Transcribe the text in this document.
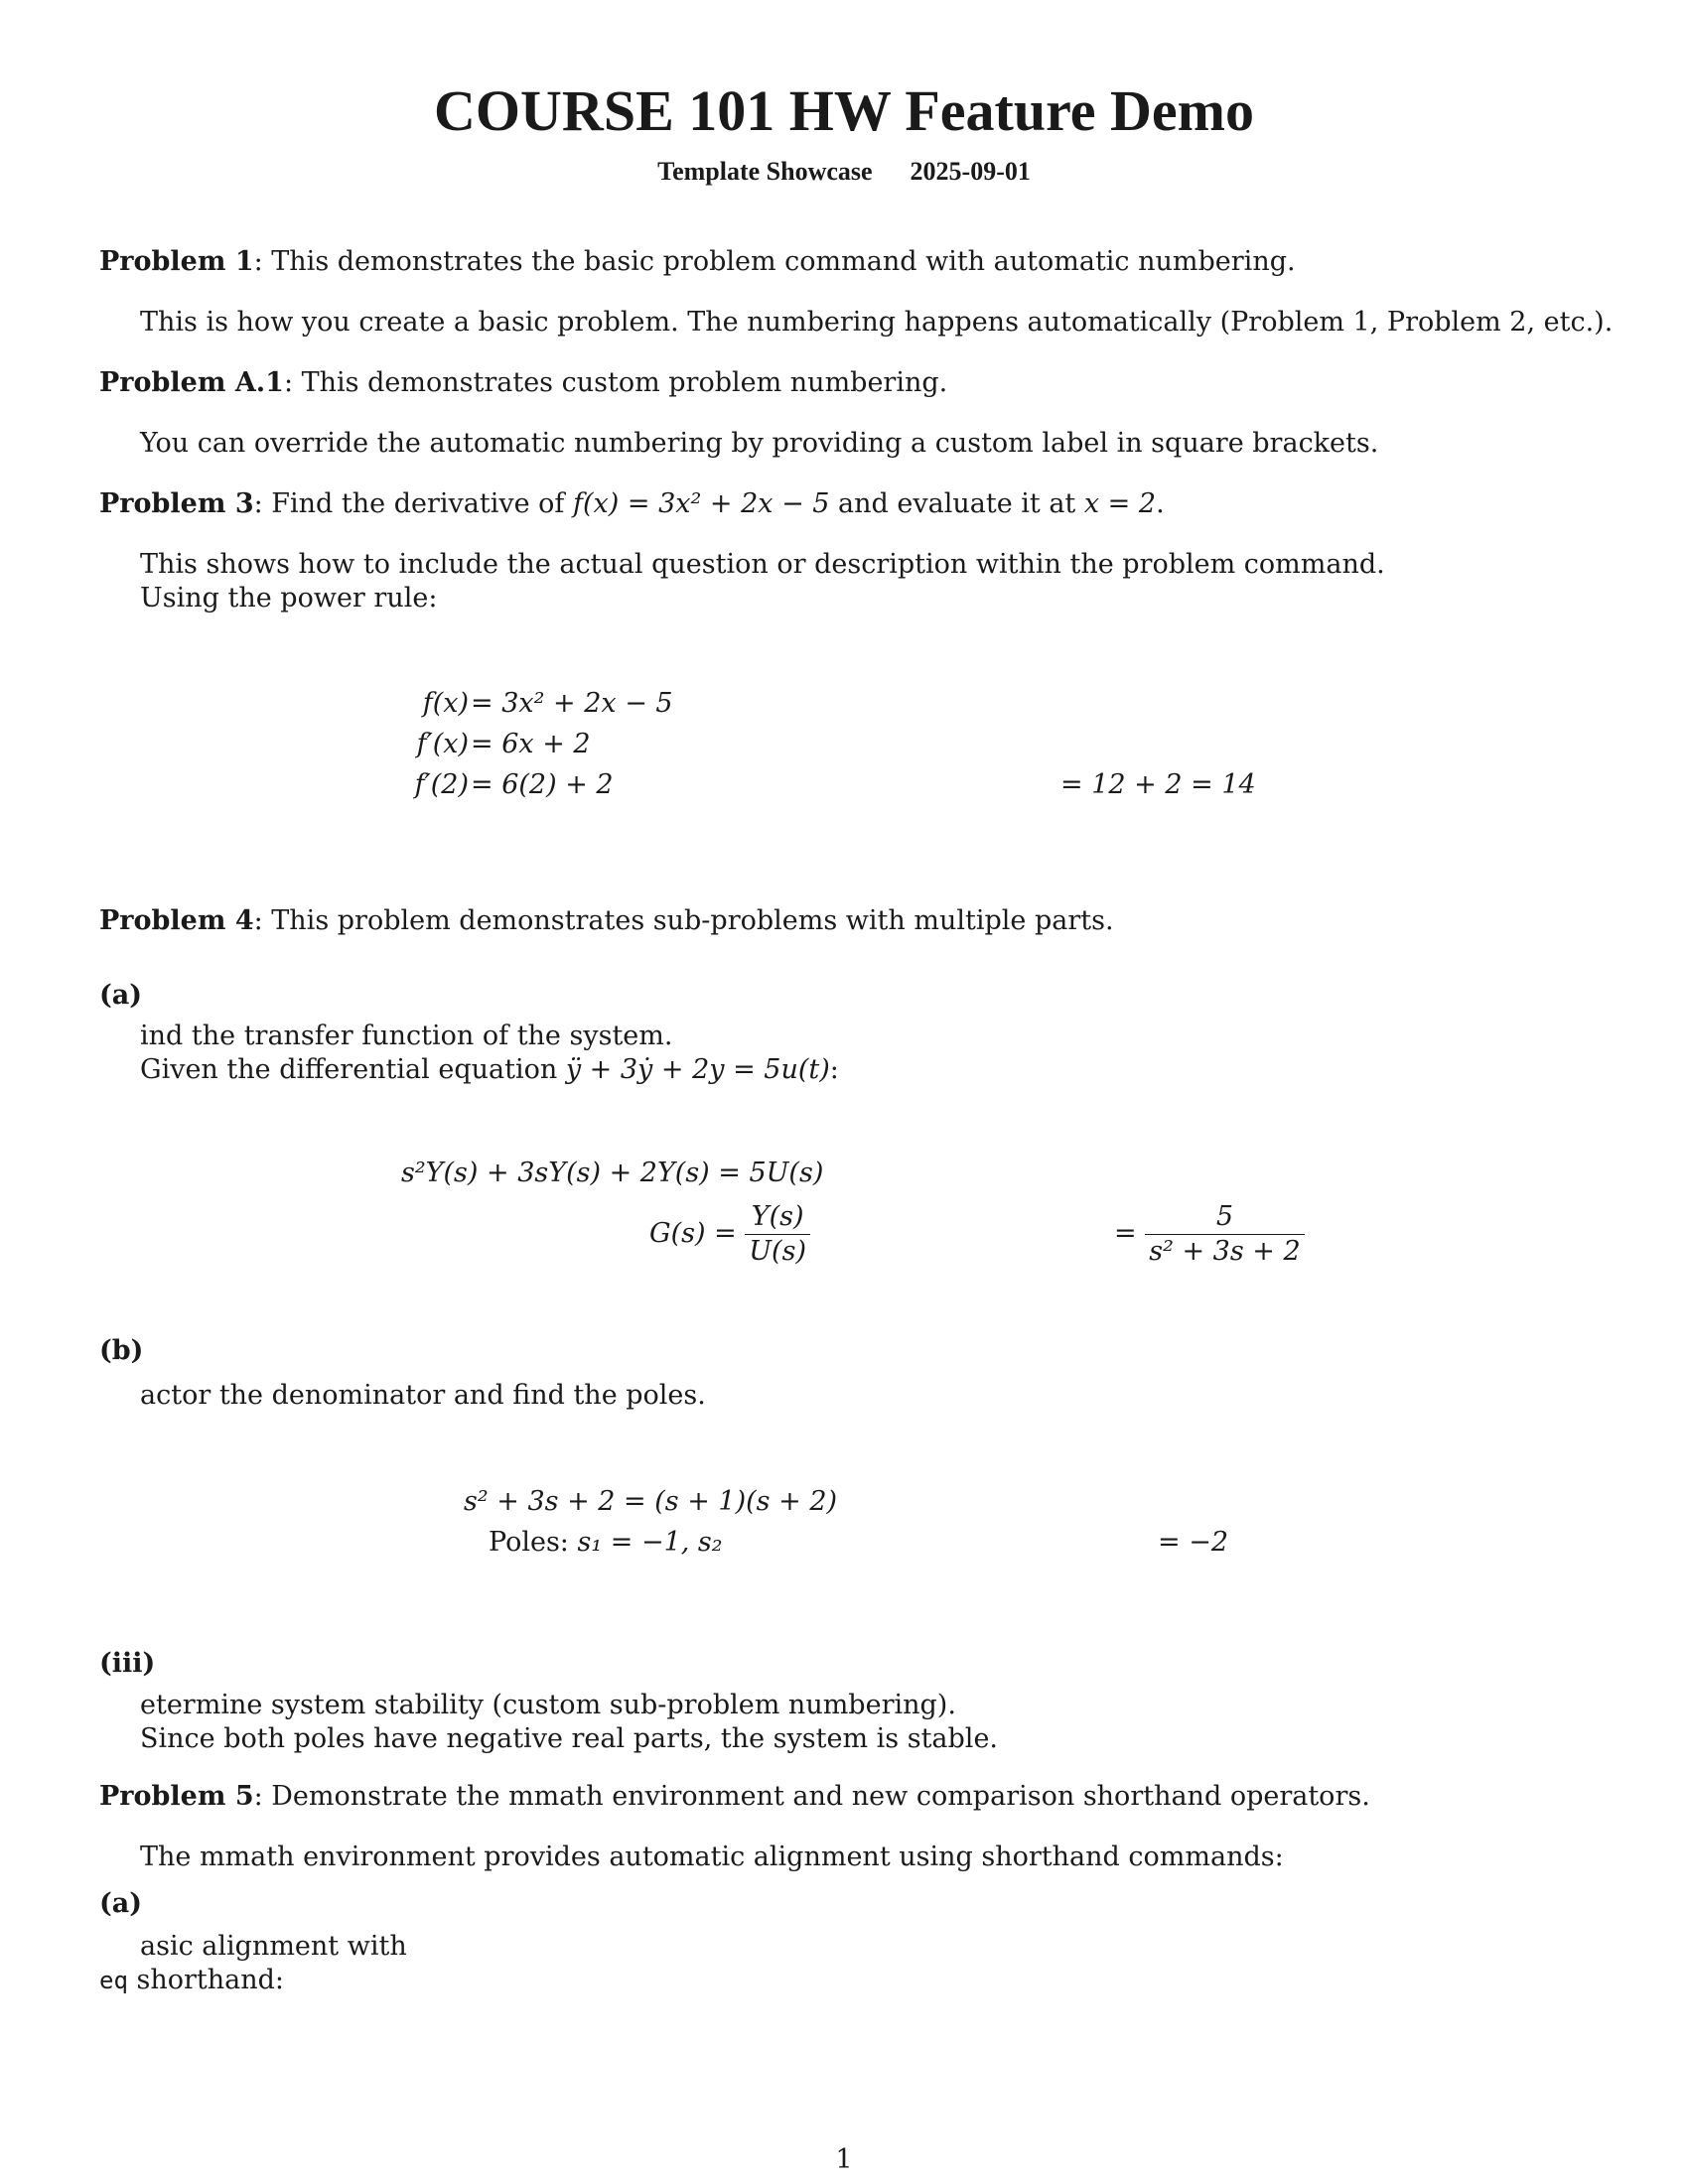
COURSE 101 HW Feature Demo
Template Showcase 2025-09-01
Problem 1: This demonstrates the basic problem command with automatic numbering.
This is how you create a basic problem. The numbering happens automatically (Problem 1, Problem 2, etc.).
Problem A.1: This demonstrates custom problem numbering.
You can override the automatic numbering by providing a custom label in square brackets.
Problem 3: Find the derivative of f(x) = 3x² + 2x − 5 and evaluate it at x = 2.
This shows how to include the actual question or description within the problem command.
Using the power rule:
f(x) = 3x² + 2x − 5
f′(x) = 6x + 2
f′(2) = 6(2) + 2	= 12 + 2 = 14
Problem 4: This problem demonstrates sub-problems with multiple parts.
(a)
ind the transfer function of the system.
Given the differential equation ÿ + 3ẏ + 2y = 5u(t):
s²Y(s) + 3sY(s) + 2Y(s) = 5U(s)
$G(s) = \frac{Y(s)}{U(s)}$	= $\frac{5}{\text{s² + 3s + 2}}$
(b)
actor the denominator and find the poles.
s² + 3s + 2 = (s + 1)(s + 2)
Poles: s₁ = −1, s₂	= −2
(iii)
etermine system stability (custom sub-problem numbering).
Since both poles have negative real parts, the system is stable.
Problem 5: Demonstrate the mmath environment and new comparison shorthand operators.
The mmath environment provides automatic alignment using shorthand commands:
(a)
asic alignment with
eq shorthand:
1
